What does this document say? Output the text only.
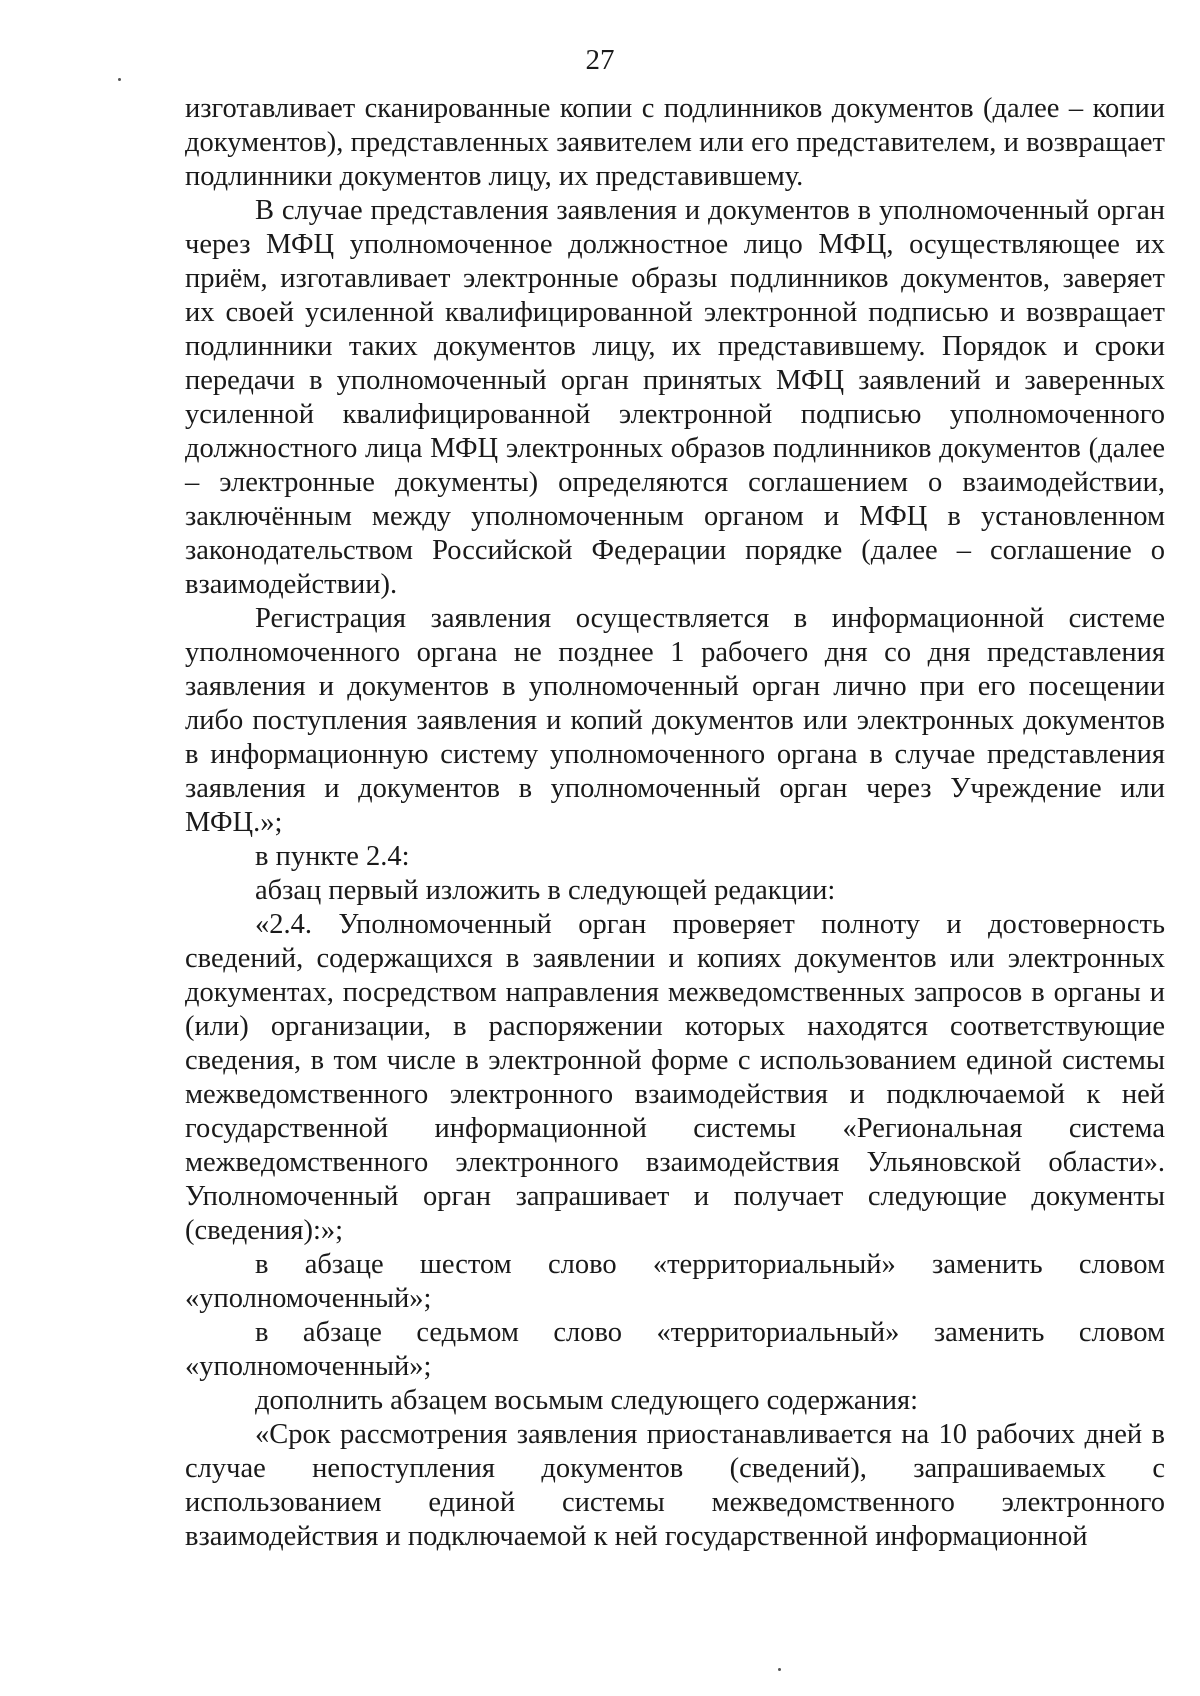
27

изготавливает сканированные копии с подлинников документов (далее – копии документов), представленных заявителем или его представителем, и возвращает подлинники документов лицу, их представившему.

В случае представления заявления и документов в уполномоченный орган через МФЦ уполномоченное должностное лицо МФЦ, осуществляющее их приём, изготавливает электронные образы подлинников документов, заверяет их своей усиленной квалифицированной электронной подписью и возвращает подлинники таких документов лицу, их представившему. Порядок и сроки передачи в уполномоченный орган принятых МФЦ заявлений и заверенных усиленной квалифицированной электронной подписью уполномоченного должностного лица МФЦ электронных образов подлинников документов (далее – электронные документы) определяются соглашением о взаимодействии, заключённым между уполномоченным органом и МФЦ в установленном законодательством Российской Федерации порядке (далее – соглашение о взаимодействии).

Регистрация заявления осуществляется в информационной системе уполномоченного органа не позднее 1 рабочего дня со дня представления заявления и документов в уполномоченный орган лично при его посещении либо поступления заявления и копий документов или электронных документов в информационную систему уполномоченного органа в случае представления заявления и документов в уполномоченный орган через Учреждение или МФЦ.»;

в пункте 2.4:

абзац первый изложить в следующей редакции:

«2.4. Уполномоченный орган проверяет полноту и достоверность сведений, содержащихся в заявлении и копиях документов или электронных документах, посредством направления межведомственных запросов в органы и (или) организации, в распоряжении которых находятся соответствующие сведения, в том числе в электронной форме с использованием единой системы межведомственного электронного взаимодействия и подключаемой к ней государственной информационной системы «Региональная система межведомственного электронного взаимодействия Ульяновской области». Уполномоченный орган запрашивает и получает следующие документы (сведения):»;

в абзаце шестом слово «территориальный» заменить словом «уполномоченный»;

в абзаце седьмом слово «территориальный» заменить словом «уполномоченный»;

дополнить абзацем восьмым следующего содержания:

«Срок рассмотрения заявления приостанавливается на 10 рабочих дней в случае непоступления документов (сведений), запрашиваемых с использованием единой системы межведомственного электронного взаимодействия и подключаемой к ней государственной информационной
